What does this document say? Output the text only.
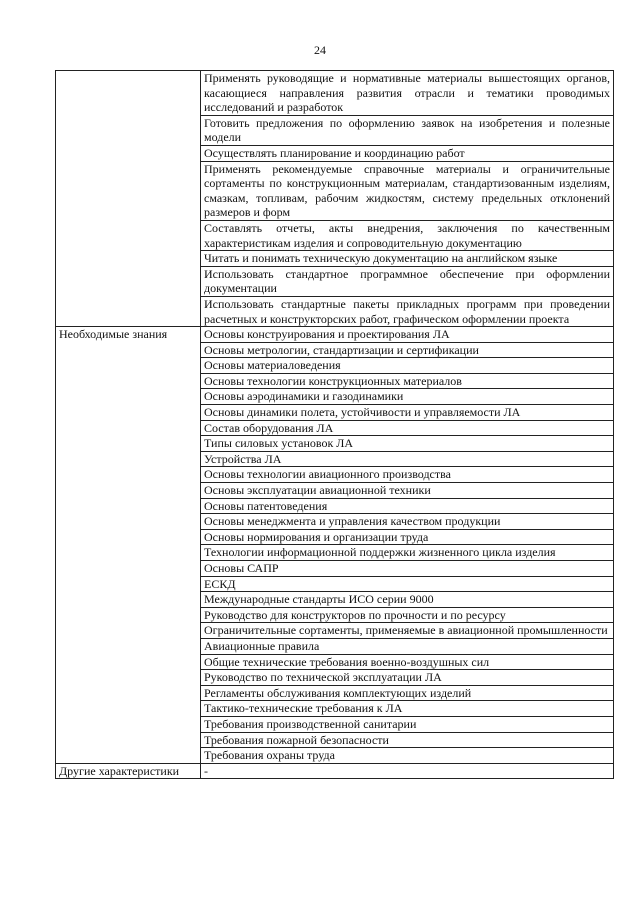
24
	Применять руководящие и нормативные материалы вышестоящих органов, касающиеся направления развития отрасли и тематики проводимых исследований и разработок
	Готовить предложения по оформлению заявок на изобретения и полезные модели
	Осуществлять планирование и координацию работ
	Применять рекомендуемые справочные материалы и ограничительные сортаменты по конструкционным материалам, стандартизованным изделиям, смазкам, топливам, рабочим жидкостям, систему предельных отклонений размеров и форм
	Составлять отчеты, акты внедрения, заключения по качественным характеристикам изделия и сопроводительную документацию
	Читать и понимать техническую документацию на английском языке
	Использовать стандартное программное обеспечение при оформлении документации
	Использовать стандартные пакеты прикладных программ при проведении расчетных и конструкторских работ, графическом оформлении проекта
Необходимые знания	Основы конструирования и проектирования ЛА
	Основы метрологии, стандартизации и сертификации
	Основы материаловедения
	Основы технологии конструкционных материалов
	Основы аэродинамики и газодинамики
	Основы динамики полета, устойчивости и управляемости ЛА
	Состав оборудования ЛА
	Типы силовых установок ЛА
	Устройства ЛА
	Основы технологии авиационного производства
	Основы эксплуатации авиационной техники
	Основы патентоведения
	Основы менеджмента и управления качеством продукции
	Основы нормирования и организации труда
	Технологии информационной поддержки жизненного цикла изделия
	Основы САПР
	ЕСКД
	Международные стандарты ИСО серии 9000
	Руководство для конструкторов по прочности и по ресурсу
	Ограничительные сортаменты, применяемые в авиационной промышленности
	Авиационные правила
	Общие технические требования военно-воздушных сил
	Руководство по технической эксплуатации ЛА
	Регламенты обслуживания комплектующих изделий
	Тактико-технические требования к ЛА
	Требования производственной санитарии
	Требования пожарной безопасности
	Требования охраны труда
Другие характеристики	-
